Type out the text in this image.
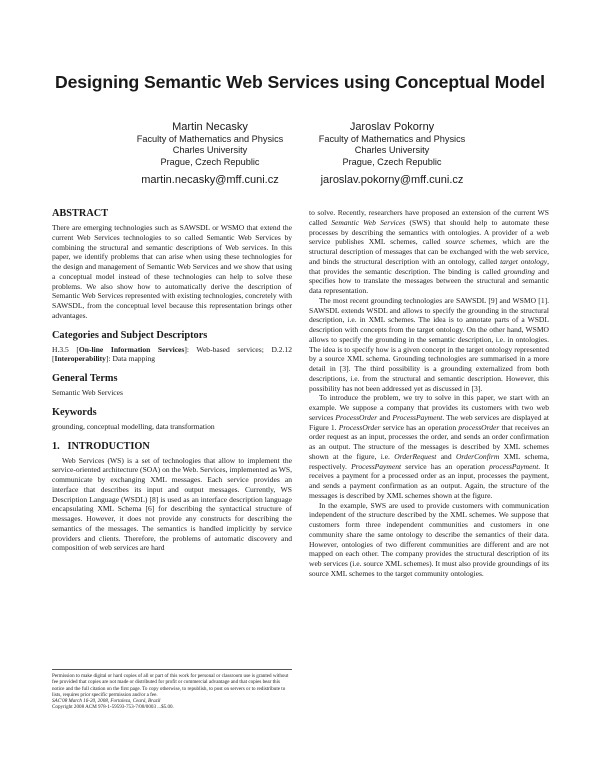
Designing Semantic Web Services using Conceptual Model
Martin Necasky
Faculty of Mathematics and Physics
Charles University
Prague, Czech Republic
martin.necasky@mff.cuni.cz
Jaroslav Pokorny
Faculty of Mathematics and Physics
Charles University
Prague, Czech Republic
jaroslav.pokorny@mff.cuni.cz
ABSTRACT

There are emerging technologies such as SAWSDL or WSMO that extend the current Web Services technologies to so called Semantic Web Services by combining the structural and semantic descriptions of Web services. In this paper, we identify problems that can arise when using these technologies for the design and management of Semantic Web Services and we show that using a conceptual model instead of these technologies can help to solve these problems. We also show how to automatically derive the description of Semantic Web Services represented with existing technologies, concretely with SAWSDL, from the conceptual level because this representation brings other advantages.

Categories and Subject Descriptors

H.3.5 [On-line Information Services]: Web-based services; D.2.12 [Interoperability]: Data mapping

General Terms

Semantic Web Services

Keywords

grounding, conceptual modelling, data transformation

1.   INTRODUCTION

Web Services (WS) is a set of technologies that allow to implement the service-oriented architecture (SOA) on the Web. Services, implemented as WS, communicate by exchanging XML messages. Each service provides an interface that describes its input and output messages. Currently, WS Description Language (WSDL) [8] is used as an interface description language encapsulating XML Schema [6] for describing the syntactical structure of messages. However, it does not provide any constructs for describing the semantics of the messages. The semantics is handled implicitly by service providers and clients. Therefore, the problems of automatic discovery and composition of web services are hard

Permission to make digital or hard copies of all or part of this work for personal or classroom use is granted without fee provided that copies are not made or distributed for profit or commercial advantage and that copies bear this notice and the full citation on the first page. To copy otherwise, to republish, to post on servers or to redistribute to lists, requires prior specific permission and/or a fee.
SAC'08 March 16-20, 2008, Fortaleza, Ceará, Brazil
Copyright 2008 ACM 978-1-59593-753-7/08/0003 ...$5.00.

to solve. Recently, researchers have proposed an extension of the current WS called Semantic Web Services (SWS) that should help to automate these processes by describing the semantics with ontologies. A provider of a web service publishes XML schemes, called source schemes, which are the structural description of messages that can be exchanged with the web service, and binds the structural description with an ontology, called target ontology, that provides the semantic description. The binding is called grounding and specifies how to translate the messages between the structural and semantic data representation.

The most recent grounding technologies are SAWSDL [9] and WSMO [1]. SAWSDL extends WSDL and allows to specify the grounding in the structural description, i.e. in XML schemes. The idea is to annotate parts of a WSDL description with concepts from the target ontology. On the other hand, WSMO allows to specify the grounding in the semantic description, i.e. in ontologies. The idea is to specify how is a given concept in the target ontology represented by a source XML schema. Grounding technologies are summarised in a more detail in [3]. The third possibility is a grounding externalized from both descriptions, i.e. from the structural and semantic description. However, this possibility has not been addressed yet as discussed in [3].

To introduce the problem, we try to solve in this paper, we start with an example. We suppose a company that provides its customers with two web services ProcessOrder and ProcessPayment. The web services are displayed at Figure 1. ProcessOrder service has an operation processOrder that receives an order request as an input, processes the order, and sends an order confirmation as an output. The structure of the messages is described by XML schemes shown at the figure, i.e. OrderRequest and OrderConfirm XML schema, respectively. ProcessPayment service has an operation processPayment. It receives a payment for a processed order as an input, processes the payment, and sends a payment confirmation as an output. Again, the structure of the messages is described by XML schemes shown at the figure.

In the example, SWS are used to provide customers with communication independent of the structure described by the XML schemes. We suppose that customers form three independent communities and customers in one community share the same ontology to describe the semantics of their data. However, ontologies of two different communities are different and are not mapped on each other. The company provides the structural description of its web services (i.e. source XML schemes). It must also provide groundings of its source XML schemes to the target community ontologies.
